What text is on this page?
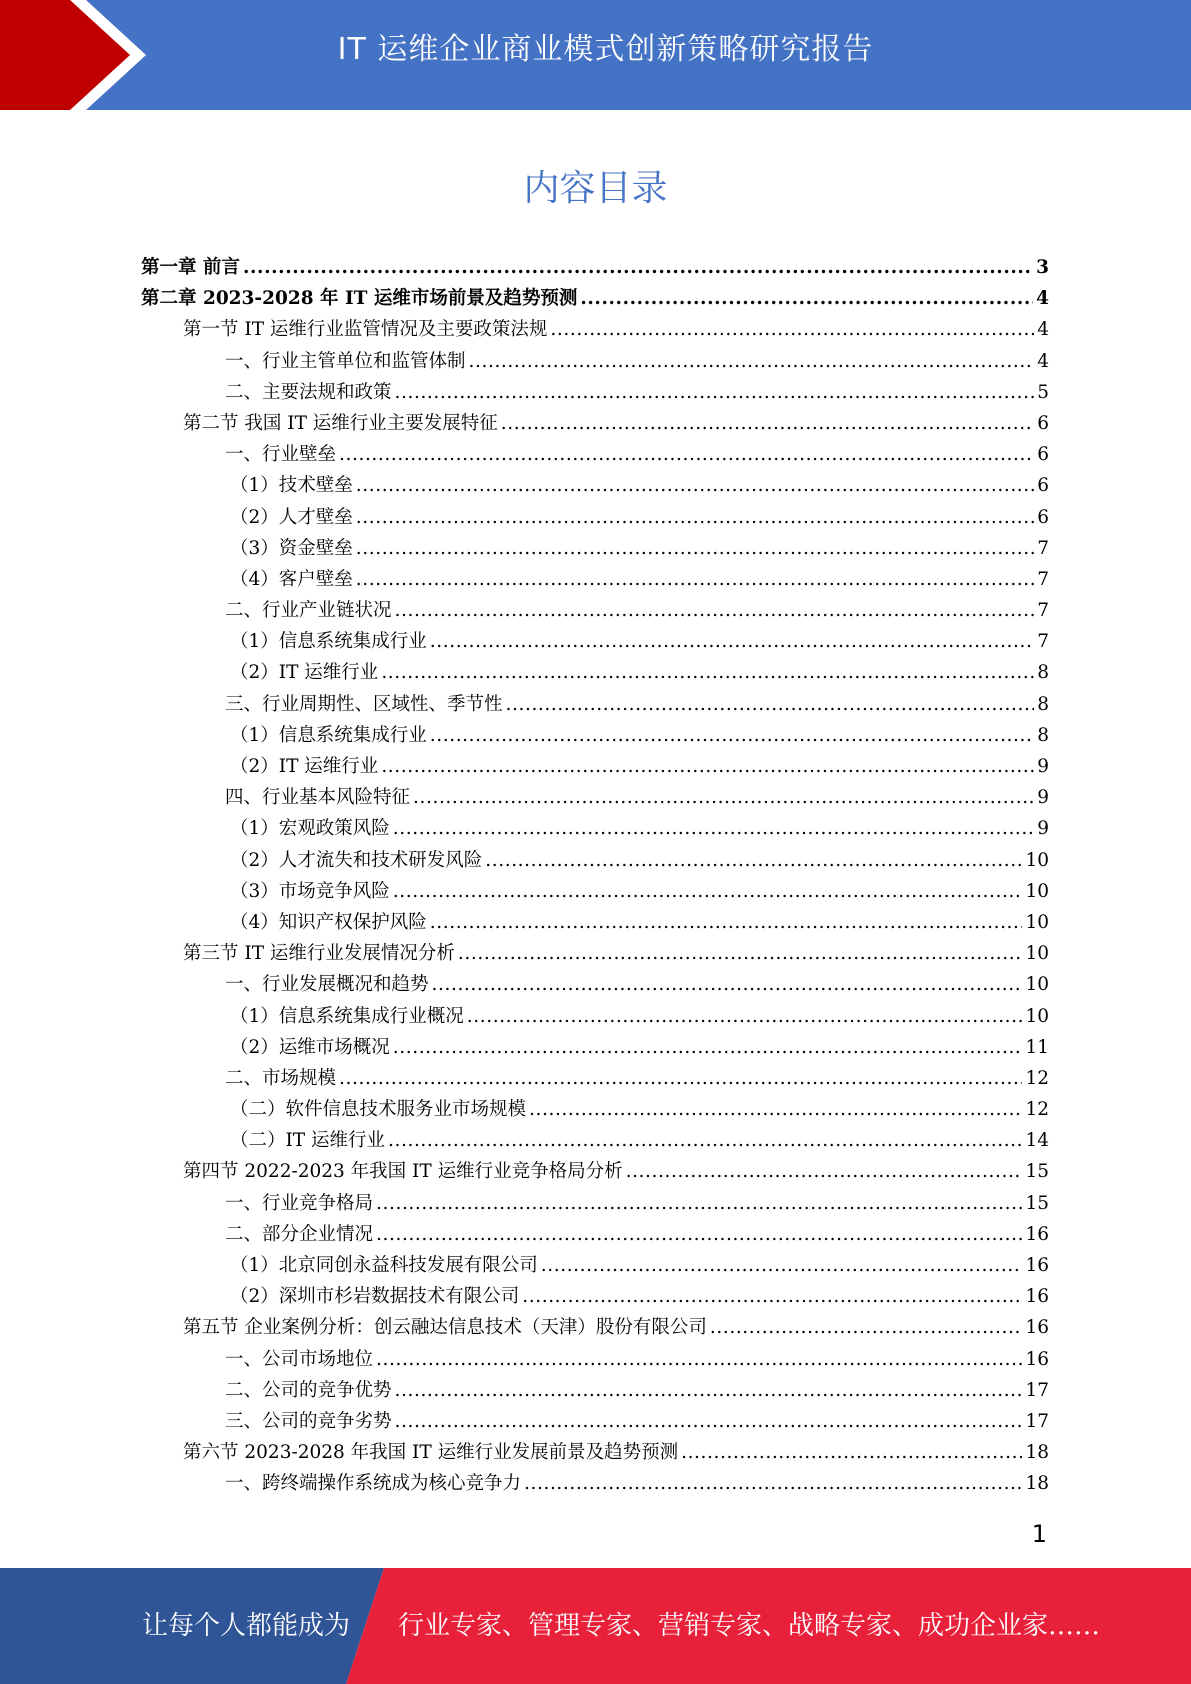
IT 运维企业商业模式创新策略研究报告
内容目录
第一章 前言 .....	3
第二章 2023-2028 年 IT 运维市场前景及趋势预测 .....	4
第一节 IT 运维行业监管情况及主要政策法规 .....	4
一、行业主管单位和监管体制 .....	4
二、主要法规和政策 .....	5
第二节 我国 IT 运维行业主要发展特征 .....	6
一、行业壁垒 .....	6
（1）技术壁垒 .....	6
（2）人才壁垒 .....	6
（3）资金壁垒 .....	7
（4）客户壁垒 .....	7
二、行业产业链状况 .....	7
（1）信息系统集成行业 .....	7
（2）IT 运维行业 .....	8
三、行业周期性、区域性、季节性 .....	8
（1）信息系统集成行业 .....	8
（2）IT 运维行业 .....	9
四、行业基本风险特征 .....	9
（1）宏观政策风险 .....	9
（2）人才流失和技术研发风险 .....	10
（3）市场竞争风险 .....	10
（4）知识产权保护风险 .....	10
第三节 IT 运维行业发展情况分析 .....	10
一、行业发展概况和趋势 .....	10
（1）信息系统集成行业概况 .....	10
（2）运维市场概况 .....	11
二、市场规模 .....	12
（二）软件信息技术服务业市场规模 .....	12
（二）IT 运维行业 .....	14
第四节 2022-2023 年我国 IT 运维行业竞争格局分析 .....	15
一、行业竞争格局 .....	15
二、部分企业情况 .....	16
（1）北京同创永益科技发展有限公司 .....	16
（2）深圳市杉岩数据技术有限公司 .....	16
第五节 企业案例分析：创云融达信息技术（天津）股份有限公司 .....	16
一、公司市场地位 .....	16
二、公司的竞争优势 .....	17
三、公司的竞争劣势 .....	17
第六节 2023-2028 年我国 IT 运维行业发展前景及趋势预测 .....	18
一、跨终端操作系统成为核心竞争力 .....	18
1
让每个人都能成为 行业专家、管理专家、营销专家、战略专家、成功企业家……
